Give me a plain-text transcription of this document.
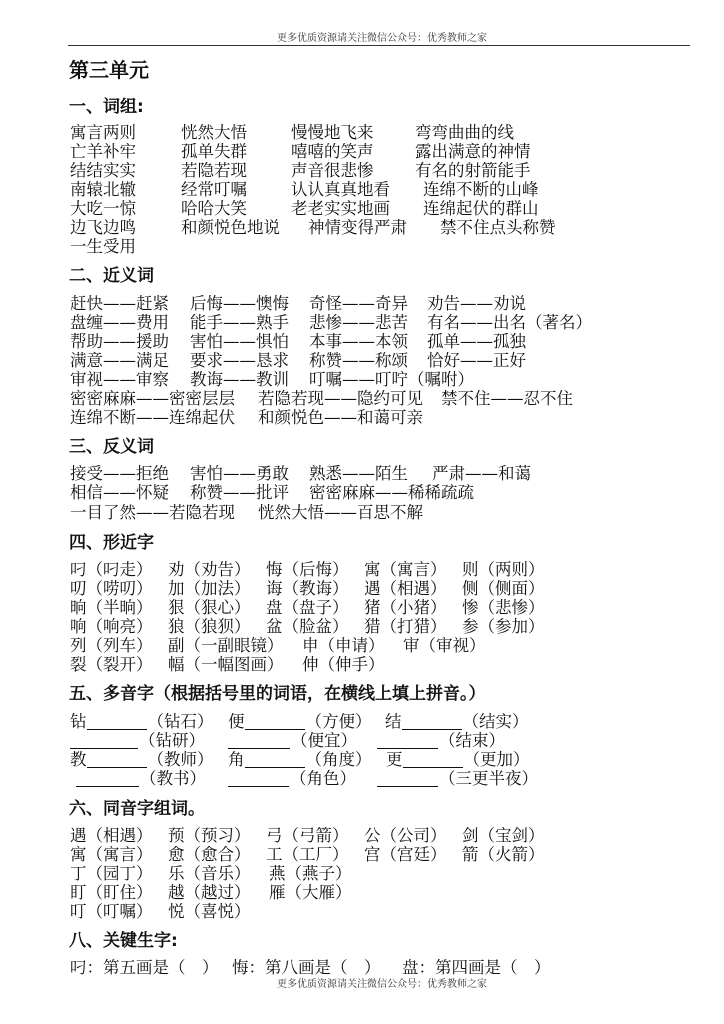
更多优质资源请关注微信公众号：优秀教师之家
第三单元
一、词组:
寓言两则	恍然大悟	慢慢地飞来	弯弯曲曲的线
亡羊补牢	孤单失群	嘻嘻的笑声	露出满意的神情
结结实实	若隐若现	声音很悲惨	有名的射箭能手
南辕北辙	经常叮嘱	认认真真地看 连绵不断的山峰
大吃一惊	哈哈大笑	老老实实地画 连绵起伏的群山
边飞边鸣	和颜悦色地说 神情变得严肃 禁不住点头称赞
一生受用
二、近义词
赶快——赶紧 后悔——懊悔 奇怪——奇异 劝告——劝说
盘缠——费用 能手——熟手 悲惨——悲苦 有名——出名（著名）
帮助——援助 害怕——惧怕 本事——本领 孤单——孤独
满意——满足 要求——恳求 称赞——称颂 恰好——正好
审视——审察 教诲——教训 叮嘱——叮咛（嘱咐）
密密麻麻——密密层层 若隐若现——隐约可见 禁不住——忍不住
连绵不断——连绵起伏 和颜悦色——和蔼可亲
三、反义词
接受——拒绝 害怕——勇敢 熟悉——陌生 严肃——和蔼
相信——怀疑 称赞——批评 密密麻麻——稀稀疏疏
一目了然——若隐若现 恍然大悟——百思不解
四、形近字
叼（叼走） 劝（劝告） 悔（后悔） 寓（寓言） 则（两则）
叨（唠叨） 加（加法） 诲（教诲） 遇（相遇） 侧（侧面）
晌（半晌） 狠（狠心） 盘（盘子） 猪（小猪） 惨（悲惨）
响（响亮） 狼（狼狈） 盆（脸盆） 猎（打猎） 参（参加）
列（列车） 副（一副眼镜） 申（申请） 审（审视）
裂（裂开） 幅（一幅图画） 伸（伸手）
五、多音字（根据括号里的词语，在横线上填上拼音。）
钻	（钻石） 便	（方便） 结	（结实）
（钻研）	（便宜）	（结束）
教	（教师） 角	（角度） 更	（更加）
（教书）	（角色）	（三更半夜）
六、同音字组词。
遇（相遇） 预（预习） 弓（弓箭） 公（公司） 剑（宝剑）
寓（寓言） 愈（愈合） 工（工厂） 宫（宫廷） 箭（火箭）
丁（园丁） 乐（音乐） 燕（燕子）
盯（盯住） 越（越过） 雁（大雁）
叮（叮嘱） 悦（喜悦）
八、关键生字:
叼：第五画是（　） 悔：第八画是（　） 盘：第四画是（　）
更多优质资源请关注微信公众号：优秀教师之家
